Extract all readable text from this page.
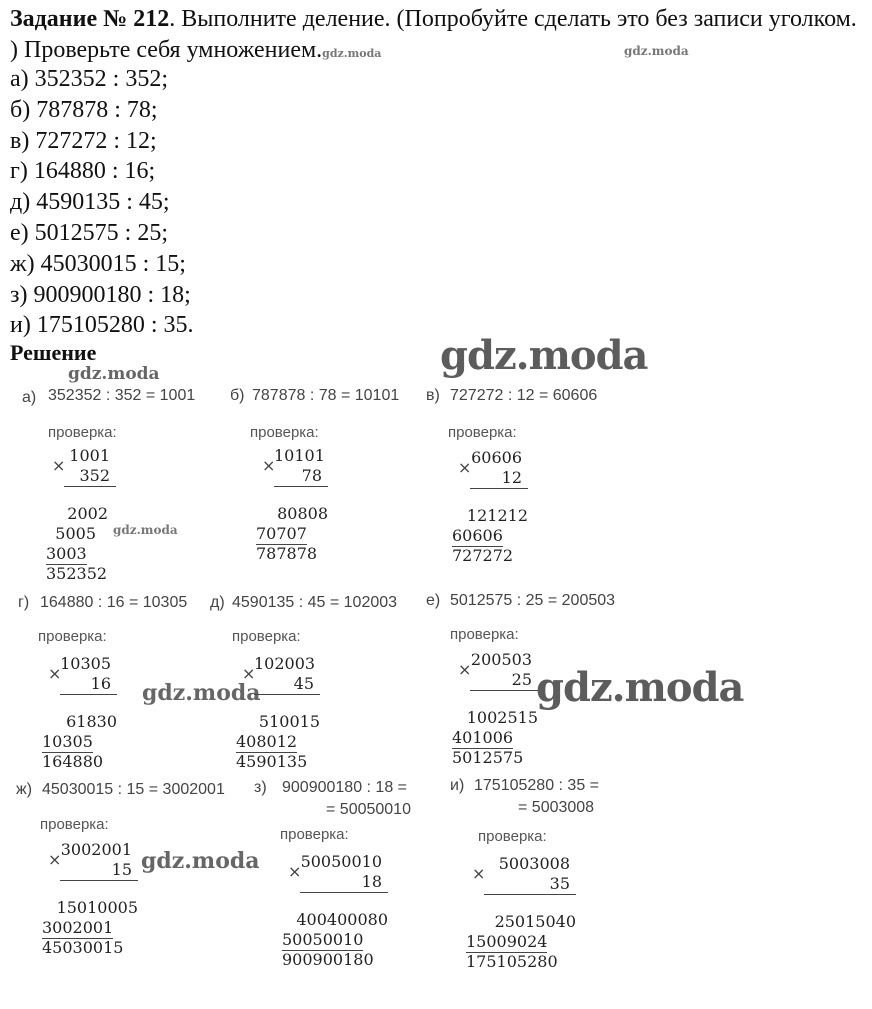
Задание № 212. Выполните деление. (Попробуйте сделать это без записи уголком. ) Проверьте себя умножением.gdz.moda	gdz.moda
а) 352352 : 352;
б) 787878 : 78;
в) 727272 : 12;
г) 164880 : 16;
д) 4590135 : 45;
е) 5012575 : 25;
ж) 45030015 : 15;
з) 900900180 : 18;
и) 175105280 : 35.
Решение	gdz.moda
gdz.moda
gdz.moda
gdz.moda	gdz.moda
gdz.moda
а) 352352 : 352 = 1001
проверка:
×
1001
352
2002
5005
3003
352352
б) 787878 : 78 = 10101
проверка:
×
10101
78
80808
70707
787878
в) 727272 : 12 = 60606
проверка:
×
60606
12
121212
60606
727272
г) 164880 : 16 = 10305
проверка:
×
10305
16
61830
10305
164880
д) 4590135 : 45 = 102003
проверка:
×
102003
45
510015
408012
4590135
е) 5012575 : 25 = 200503
проверка:
×
200503
25
1002515
401006
5012575
ж) 45030015 : 15 = 3002001
проверка:
×
3002001
15
15010005
3002001
45030015
з) 900900180 : 18 =
= 50050010
проверка:
×
50050010
18
400400080
50050010
900900180
и) 175105280 : 35 =
= 5003008
проверка:
×
5003008
35
25015040
15009024
175105280
